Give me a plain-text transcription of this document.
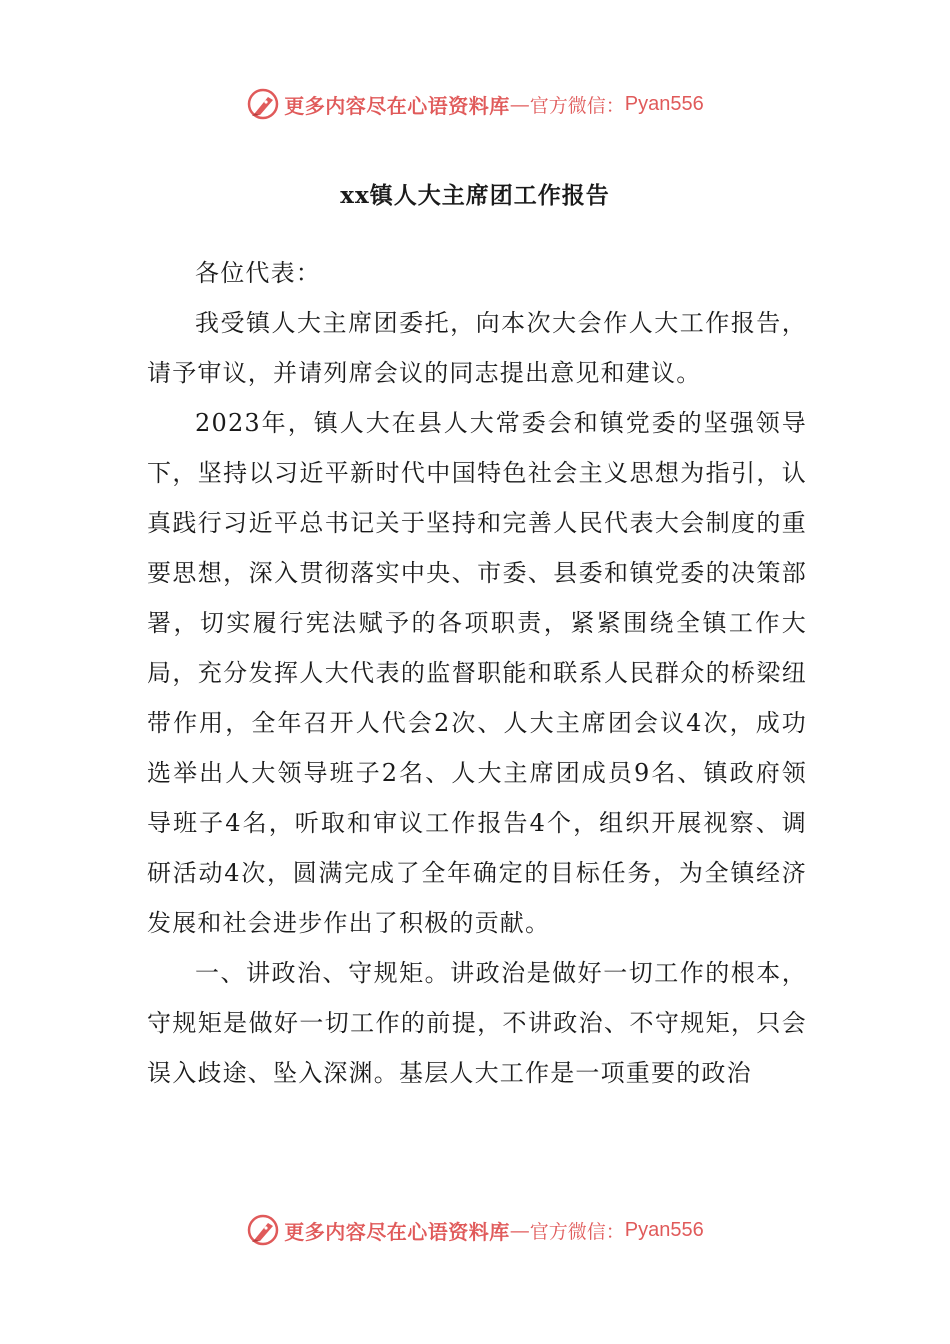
更多内容尽在心语资料库 — 官方微信： Pyan556
xx镇人大主席团工作报告

各位代表：

我受镇人大主席团委托，向本次大会作人大工作报告，请予审议，并请列席会议的同志提出意见和建议。

2023年，镇人大在县人大常委会和镇党委的坚强领导下，坚持以习近平新时代中国特色社会主义思想为指引，认真践行习近平总书记关于坚持和完善人民代表大会制度的重要思想，深入贯彻落实中央、市委、县委和镇党委的决策部署，切实履行宪法赋予的各项职责，紧紧围绕全镇工作大局，充分发挥人大代表的监督职能和联系人民群众的桥梁纽带作用，全年召开人代会2次、人大主席团会议4次，成功选举出人大领导班子2名、人大主席团成员9名、镇政府领导班子4名，听取和审议工作报告4个，组织开展视察、调研活动4次，圆满完成了全年确定的目标任务，为全镇经济发展和社会进步作出了积极的贡献。

一、讲政治、守规矩。讲政治是做好一切工作的根本，守规矩是做好一切工作的前提，不讲政治、不守规矩，只会误入歧途、坠入深渊。基层人大工作是一项重要的政治

更多内容尽在心语资料库 — 官方微信： Pyan556
